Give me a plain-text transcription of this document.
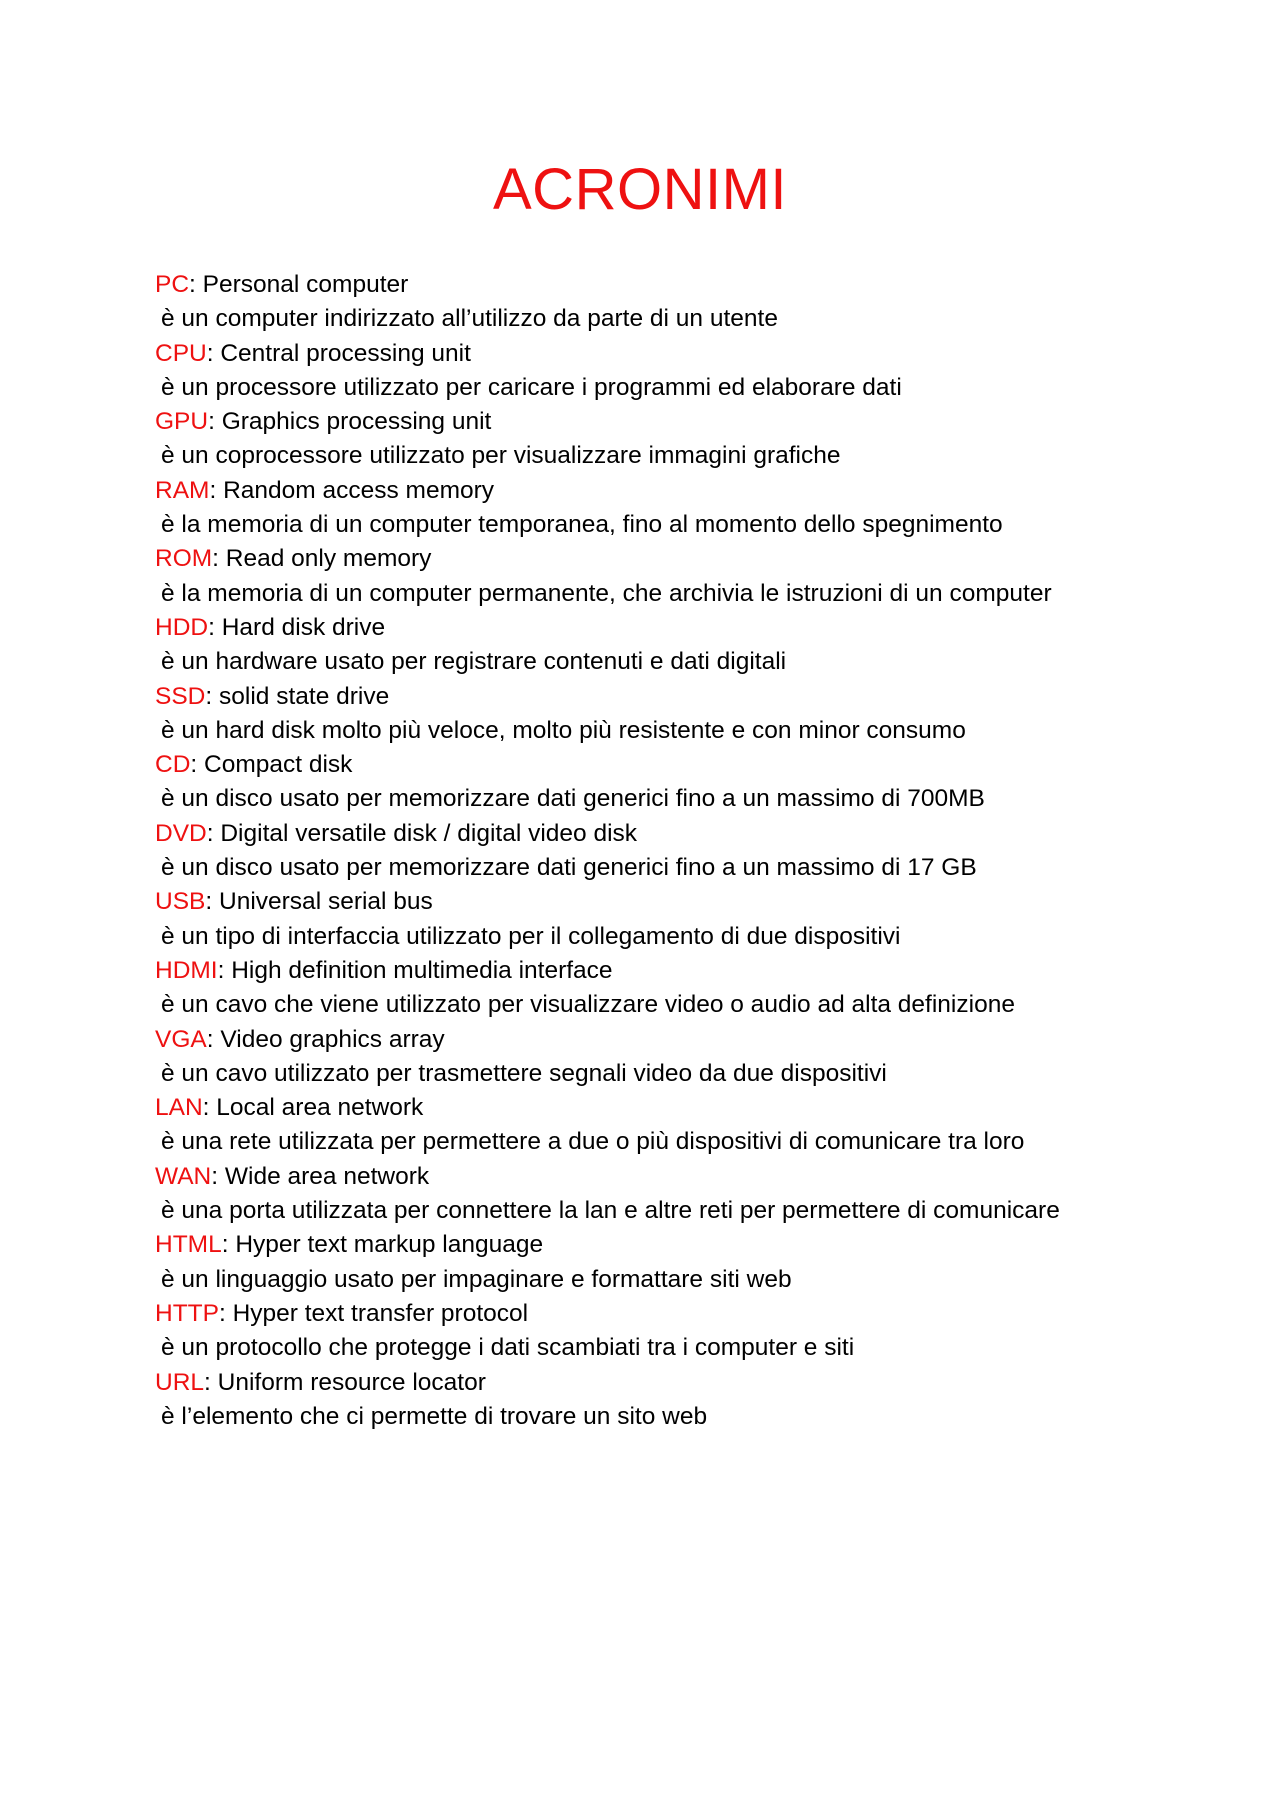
ACRONIMI
PC: Personal computer
è un computer indirizzato all’utilizzo da parte di un utente
CPU: Central processing unit
è un processore utilizzato per caricare i programmi ed elaborare dati
GPU: Graphics processing unit
è un coprocessore utilizzato per visualizzare immagini grafiche
RAM: Random access memory
è la memoria di un computer temporanea, fino al momento dello spegnimento
ROM: Read only memory
è la memoria di un computer permanente, che archivia le istruzioni di un computer
HDD: Hard disk drive
è un hardware usato per registrare contenuti e dati digitali
SSD: solid state drive
è un hard disk molto più veloce, molto più resistente e con minor consumo
CD: Compact disk
è un disco usato per memorizzare dati generici fino a un massimo di 700MB
DVD: Digital versatile disk / digital video disk
è un disco usato per memorizzare dati generici fino a un massimo di 17 GB
USB: Universal serial bus
è un tipo di interfaccia utilizzato per il collegamento di due dispositivi
HDMI: High definition multimedia interface
è un cavo che viene utilizzato per visualizzare video o audio ad alta definizione
VGA: Video graphics array
è un cavo utilizzato per trasmettere segnali video da due dispositivi
LAN: Local area network
è una rete utilizzata per permettere a due o più dispositivi di comunicare tra loro
WAN: Wide area network
è una porta utilizzata per connettere la lan e altre reti per permettere di comunicare
HTML: Hyper text markup language
è un linguaggio usato per impaginare e formattare siti web
HTTP: Hyper text transfer protocol
è un protocollo che protegge i dati scambiati tra i computer e siti
URL: Uniform resource locator
è l’elemento che ci permette di trovare un sito web
